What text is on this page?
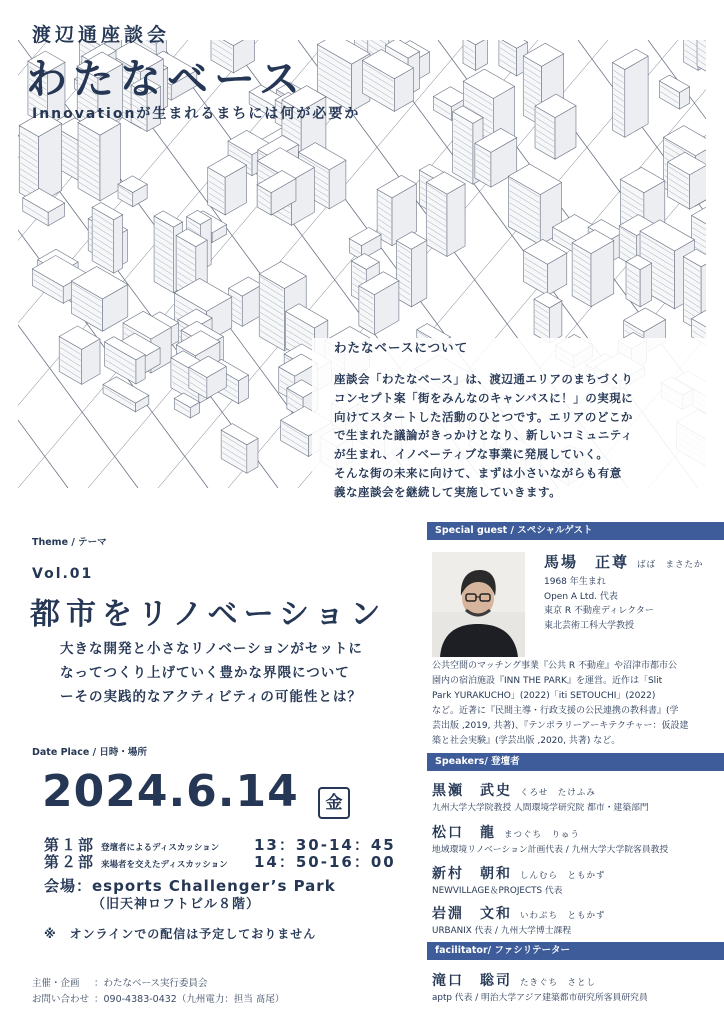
渡辺通座談会
わたなベース
Innovationが生まれるまちには何が必要か
わたなベースについて

座談会「わたなベース」は、渡辺通エリアのまちづくり
コンセプト案「街をみんなのキャンバスに！」の実現に
向けてスタートした活動のひとつです。エリアのどこか
で生まれた議論がきっかけとなり、新しいコミュニティ
が生まれ、イノベーティブな事業に発展していく。
そんな街の未来に向けて、まずは小さいながらも有意
義な座談会を継続して実施していきます。

Theme / テーマ
Vol.01
都市をリノベーション
大きな開発と小さなリノベーションがセットに
なってつくり上げていく豊かな界隈について
ーその実践的なアクティビティの可能性とは？
Date Place / 日時・場所
2024.6.14	金
第１部 登壇者によるディスカッション 13：30‐14：45
第２部 来場者を交えたディスカッション 14：50‐16：00
会場：esports Challenger’s Park
（旧天神ロフトビル８階）
※　オンラインでの配信は予定しておりません
主催・企画 ：わたなベース実行委員会
お問い合わせ ：090-4383-0432（九州電力：担当 髙尾）
Special guest / スペシャルゲスト
馬場　正尊 ばば　まさたか
1968 年生まれ
Open A Ltd. 代表
東京 R 不動産ディレクター
東北芸術工科大学教授
公共空間のマッチング事業『公共 R 不動産』や沼津市都市公
園内の宿泊施設『INN THE PARK』を運営。近作は「Slit
Park YURAKUCHO」(2022)「iti SETOUCHI」(2022)
など。近著に『民間主導・行政支援の公民連携の教科書』(学
芸出版 ,2019, 共著)、『テンポラリーアーキテクチャー：仮設建
築と社会実験』(学芸出版 ,2020, 共著) など。
Speakers/ 登壇者
黒瀬　武史 くろせ　たけふみ
九州大学大学院教授 人間環境学研究院 都市・建築部門
松口　龍 まつぐち　りゅう
地域環境リノベーション計画代表 / 九州大学大学院客員教授
新村　朝和 しんむら　ともかず
NEWVILLAGE＆PROJECTS 代表
岩淵　文和 いわぶち　ともかず
URBANIX 代表 / 九州大学博士課程
facilitator/ ファシリテーター
滝口　聡司 たきぐち　さとし
aptp 代表 / 明治大学アジア建築都市研究所客員研究員
